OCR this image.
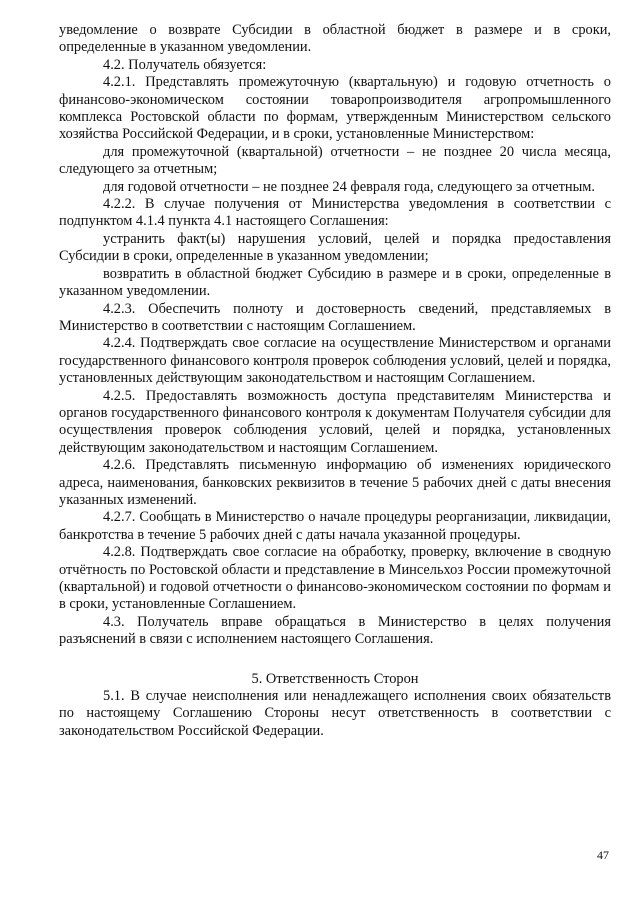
уведомление о возврате Субсидии в областной бюджет в размере и в сроки, определенные в указанном уведомлении.

4.2. Получатель обязуется:

4.2.1. Представлять промежуточную (квартальную) и годовую отчетность о финансово-экономическом состоянии товаропроизводителя агропромышленного комплекса Ростовской области по формам, утвержденным Министерством сельского хозяйства Российской Федерации, и в сроки, установленные Министерством:

для промежуточной (квартальной) отчетности – не позднее 20 числа месяца, следующего за отчетным;

для годовой отчетности – не позднее 24 февраля года, следующего за отчетным.

4.2.2. В случае получения от Министерства уведомления в соответствии с подпунктом 4.1.4 пункта 4.1 настоящего Соглашения:

устранить факт(ы) нарушения условий, целей и порядка предоставления Субсидии в сроки, определенные в указанном уведомлении;

возвратить в областной бюджет Субсидию в размере и в сроки, определенные в указанном уведомлении.

4.2.3. Обеспечить полноту и достоверность сведений, представляемых в Министерство в соответствии с настоящим Соглашением.

4.2.4. Подтверждать свое согласие на осуществление Министерством и органами государственного финансового контроля проверок соблюдения условий, целей и порядка, установленных действующим законодательством и настоящим Соглашением.

4.2.5. Предоставлять возможность доступа представителям Министерства и органов государственного финансового контроля к документам Получателя субсидии для осуществления проверок соблюдения условий, целей и порядка, установленных действующим законодательством и настоящим Соглашением.

4.2.6. Представлять письменную информацию об изменениях юридического адреса, наименования, банковских реквизитов в течение 5 рабочих дней с даты внесения указанных изменений.

4.2.7. Сообщать в Министерство о начале процедуры реорганизации, ликвидации, банкротства в течение 5 рабочих дней с даты начала указанной процедуры.

4.2.8. Подтверждать свое согласие на обработку, проверку, включение в сводную отчётность по Ростовской области и представление в Минсельхоз России промежуточной (квартальной) и годовой отчетности о финансово-экономическом состоянии по формам и в сроки, установленные Соглашением.

4.3. Получатель вправе обращаться в Министерство в целях получения разъяснений в связи с исполнением настоящего Соглашения.

5. Ответственность Сторон

5.1. В случае неисполнения или ненадлежащего исполнения своих обязательств по настоящему Соглашению Стороны несут ответственность в соответствии с законодательством Российской Федерации.

47
